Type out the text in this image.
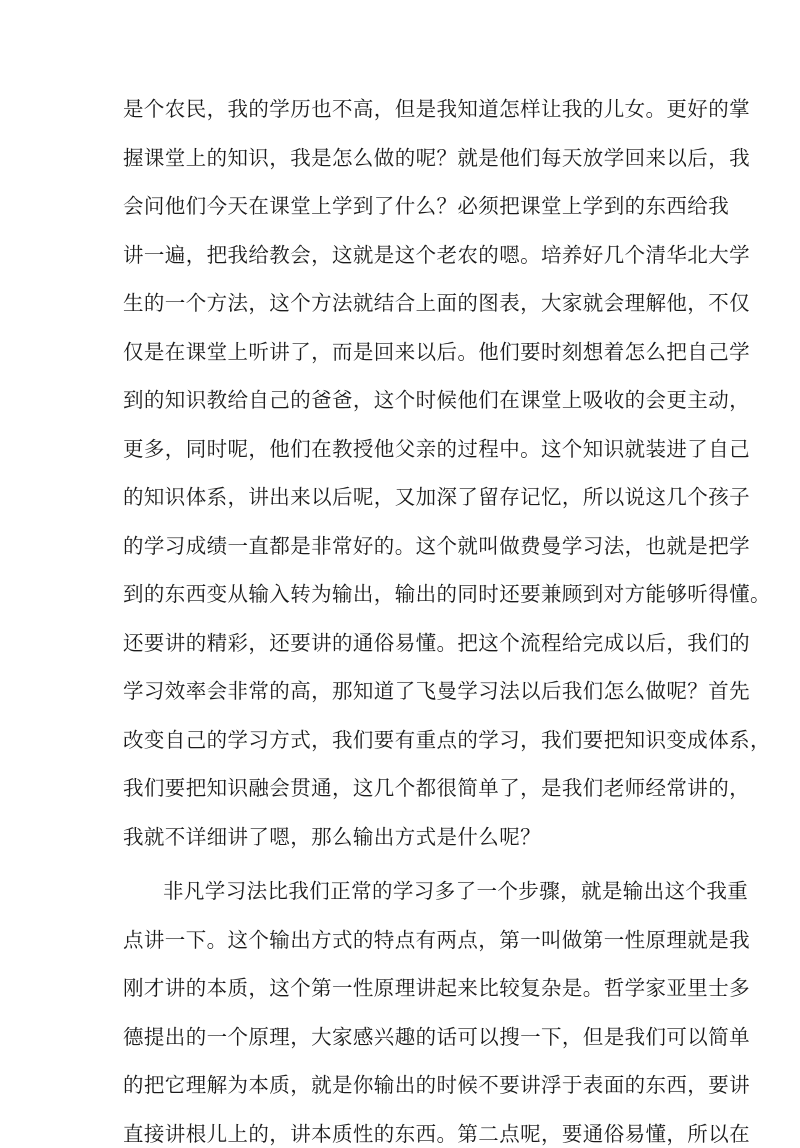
是个农民，我的学历也不高，但是我知道怎样让我的儿女。更好的掌
握课堂上的知识，我是怎么做的呢？就是他们每天放学回来以后，我
会问他们今天在课堂上学到了什么？必须把课堂上学到的东西给我
讲一遍，把我给教会，这就是这个老农的嗯。培养好几个清华北大学
生的一个方法，这个方法就结合上面的图表，大家就会理解他，不仅
仅是在课堂上听讲了，而是回来以后。他们要时刻想着怎么把自己学
到的知识教给自己的爸爸，这个时候他们在课堂上吸收的会更主动，
更多，同时呢，他们在教授他父亲的过程中。这个知识就装进了自己
的知识体系，讲出来以后呢，又加深了留存记忆，所以说这几个孩子
的学习成绩一直都是非常好的。这个就叫做费曼学习法，也就是把学
到的东西变从输入转为输出，输出的同时还要兼顾到对方能够听得懂。
还要讲的精彩，还要讲的通俗易懂。把这个流程给完成以后，我们的
学习效率会非常的高，那知道了飞曼学习法以后我们怎么做呢？首先
改变自己的学习方式，我们要有重点的学习，我们要把知识变成体系，
我们要把知识融会贯通，这几个都很简单了，是我们老师经常讲的，
我就不详细讲了嗯，那么输出方式是什么呢？
非凡学习法比我们正常的学习多了一个步骤，就是输出这个我重
点讲一下。这个输出方式的特点有两点，第一叫做第一性原理就是我
刚才讲的本质，这个第一性原理讲起来比较复杂是。哲学家亚里士多
德提出的一个原理，大家感兴趣的话可以搜一下，但是我们可以简单
的把它理解为本质，就是你输出的时候不要讲浮于表面的东西，要讲
直接讲根儿上的，讲本质性的东西。第二点呢，要通俗易懂，所以在
